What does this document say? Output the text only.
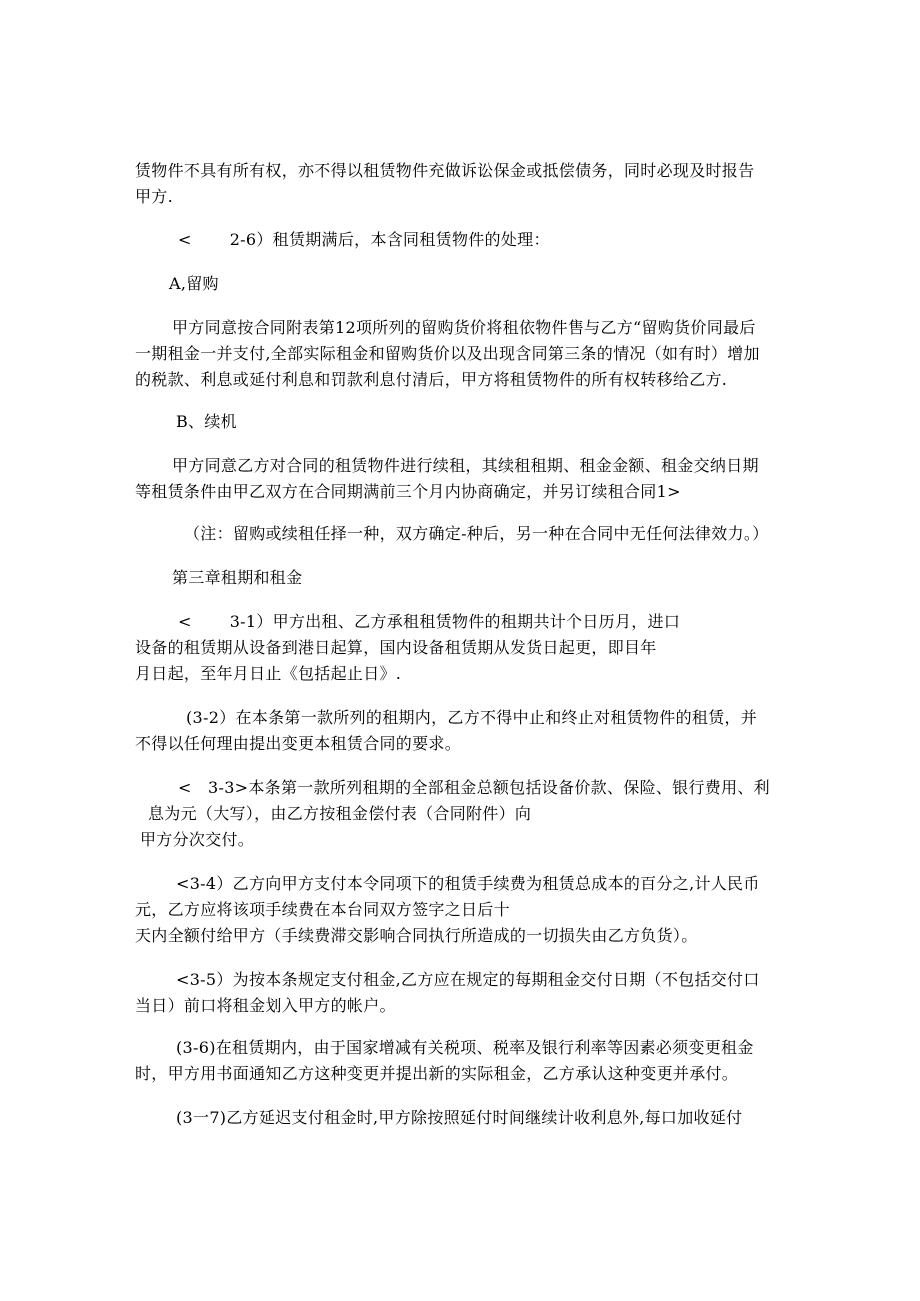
赁物件不具有所有权，亦不得以租赁物件充做诉讼保金或抵偿债务，同时必现及时报告
甲方.
<　　 2-6）租赁期满后，本含同租赁物件的处理：
A,留购
甲方同意按合同附表第12项所列的留购货价将租依物件售与乙方“留购货价同最后
一期租金一并支付,全部实际租金和留购货价以及出现含同第三条的情况（如有时）增加
的税款、利息或延付利息和罚款利息付清后，甲方将租赁物件的所有权转移给乙方.
B、续机
甲方同意乙方对合同的租赁物件进行续租，其续租租期、租金金额、租金交纳日期
等租赁条件由甲乙双方在合同期满前三个月内协商确定，并另订续租合同1>
（注：留购或续租任择一种，双方确定-种后，另一种在合同中无任何法律效力。）
第三章租期和租金
<　　 3-1）甲方出租、乙方承租租赁物件的租期共计个日历月，进口
设备的租赁期从设备到港日起算，国内设备租赁期从发货日起更，即目年
月日起，至年月日止《包括起止日》.
(3-2）在本条第一款所列的租期内，乙方不得中止和终止对租赁物件的租赁，并
不得以任何理由提出变更本租赁合同的要求。
<　3-3>本条第一款所列租期的全部租金总额包括设备价款、保险、银行费用、利
息为元（大写），由乙方按租金偿付表（合同附件）向
甲方分次交付。
<3-4）乙方向甲方支付本令同项下的租赁手续费为租赁总成本的百分之,计人民币
元，乙方应将该项手续费在本台同双方签字之日后十
天内全额付给甲方（手续费滞交影响合同执行所造成的一切损失由乙方负货）。
<3-5）为按本条规定支付租金,乙方应在规定的每期租金交付日期（不包括交付口
当日）前口将租金划入甲方的帐户。
(3-6)在租赁期内，由于国家增减有关税项、税率及银行利率等因素必须变更租金
时，甲方用书面通知乙方这种变更并提出新的实际租金，乙方承认这种变更并承付。
(3一7)乙方延迟支付租金时,甲方除按照延付时间继续计收利息外,每口加收延付
